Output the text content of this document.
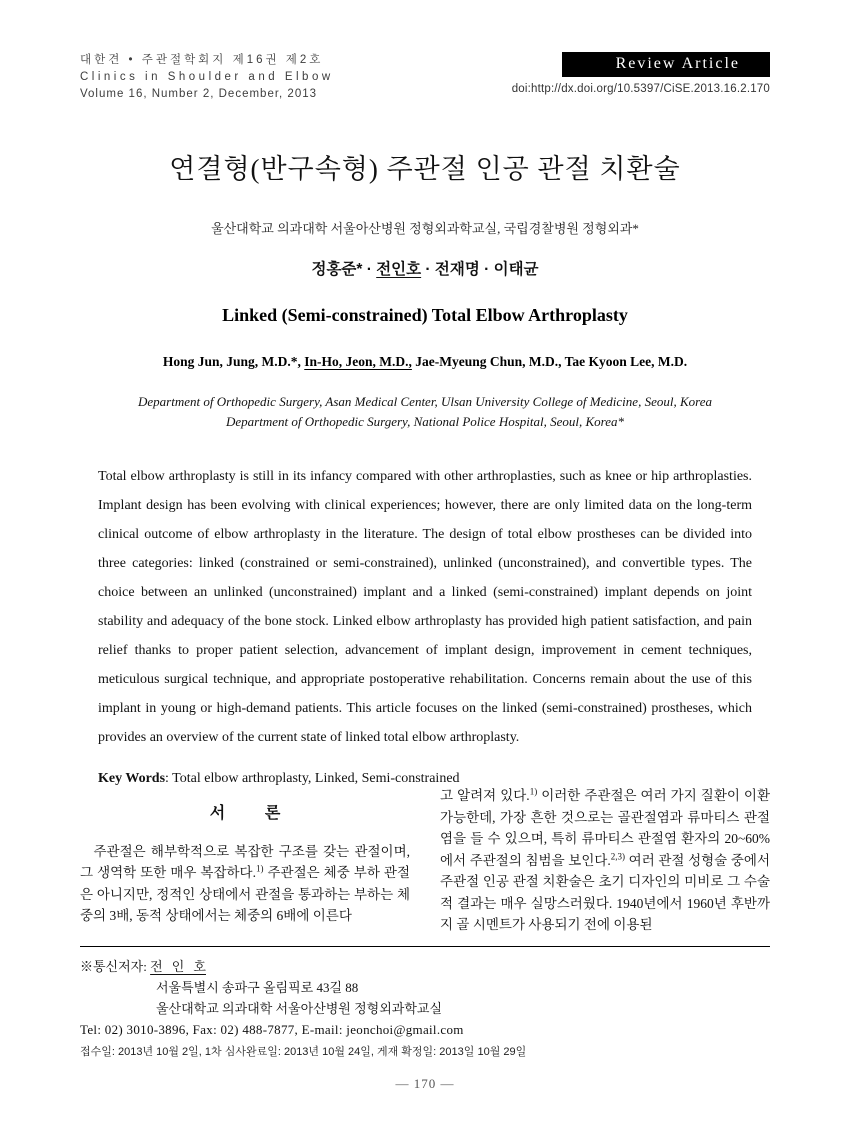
대한견 • 주관절학회지 제16권 제2호
Clinics in Shoulder and Elbow
Volume 16, Number 2, December, 2013
Review Article
doi:http://dx.doi.org/10.5397/CiSE.2013.16.2.170
연결형(반구속형) 주관절 인공 관절 치환술
울산대학교 의과대학 서울아산병원 정형외과학교실, 국립경찰병원 정형외과*
정홍준* · 전인호 · 전재명 · 이태균
Linked (Semi-constrained) Total Elbow Arthroplasty
Hong Jun, Jung, M.D.*, In-Ho, Jeon, M.D., Jae-Myeung Chun, M.D., Tae Kyoon Lee, M.D.
Department of Orthopedic Surgery, Asan Medical Center, Ulsan University College of Medicine, Seoul, Korea
Department of Orthopedic Surgery, National Police Hospital, Seoul, Korea*
Total elbow arthroplasty is still in its infancy compared with other arthroplasties, such as knee or hip arthroplasties. Implant design has been evolving with clinical experiences; however, there are only limited data on the long-term clinical outcome of elbow arthroplasty in the literature. The design of total elbow prostheses can be divided into three categories: linked (constrained or semi-constrained), unlinked (unconstrained), and convertible types. The choice between an unlinked (unconstrained) implant and a linked (semi-constrained) implant depends on joint stability and adequacy of the bone stock. Linked elbow arthroplasty has provided high patient satisfaction, and pain relief thanks to proper patient selection, advancement of implant design, improvement in cement techniques, meticulous surgical technique, and appropriate postoperative rehabilitation. Concerns remain about the use of this implant in young or high-demand patients. This article focuses on the linked (semi-constrained) prostheses, which provides an overview of the current state of linked total elbow arthroplasty.
Key Words: Total elbow arthroplasty, Linked, Semi-constrained
서 론
주관절은 해부학적으로 복잡한 구조를 갖는 관절이며, 그 생역학 또한 매우 복잡하다.$^{1)}$ 주관절은 체중 부하 관절은 아니지만, 정적인 상태에서 관절을 통과하는 부하는 체중의 3배, 동적 상태에서는 체중의 6배에 이른다
고 알려져 있다.$^{1)}$ 이러한 주관절은 여러 가지 질환이 이환 가능한데, 가장 흔한 것으로는 골관절염과 류마티스 관절염을 들 수 있으며, 특히 류마티스 관절염 환자의 20~60%에서 주관절의 침범을 보인다.$^{2,3)}$ 여러 관절 성형술 중에서 주관절 인공 관절 치환술은 초기 디자인의 미비로 그 수술적 결과는 매우 실망스러웠다. 1940년에서 1960년 후반까지 골 시멘트가 사용되기 전에 이용된
※통신저자: 전 인 호
서울특별시 송파구 올림픽로 43길 88
울산대학교 의과대학 서울아산병원 정형외과학교실
Tel: 02) 3010-3896, Fax: 02) 488-7877, E-mail: jeonchoi@gmail.com
접수일: 2013년 10월 2일, 1차 심사완료일: 2013년 10월 24일, 게재 확정일: 2013일 10월 29일
— 170 —
